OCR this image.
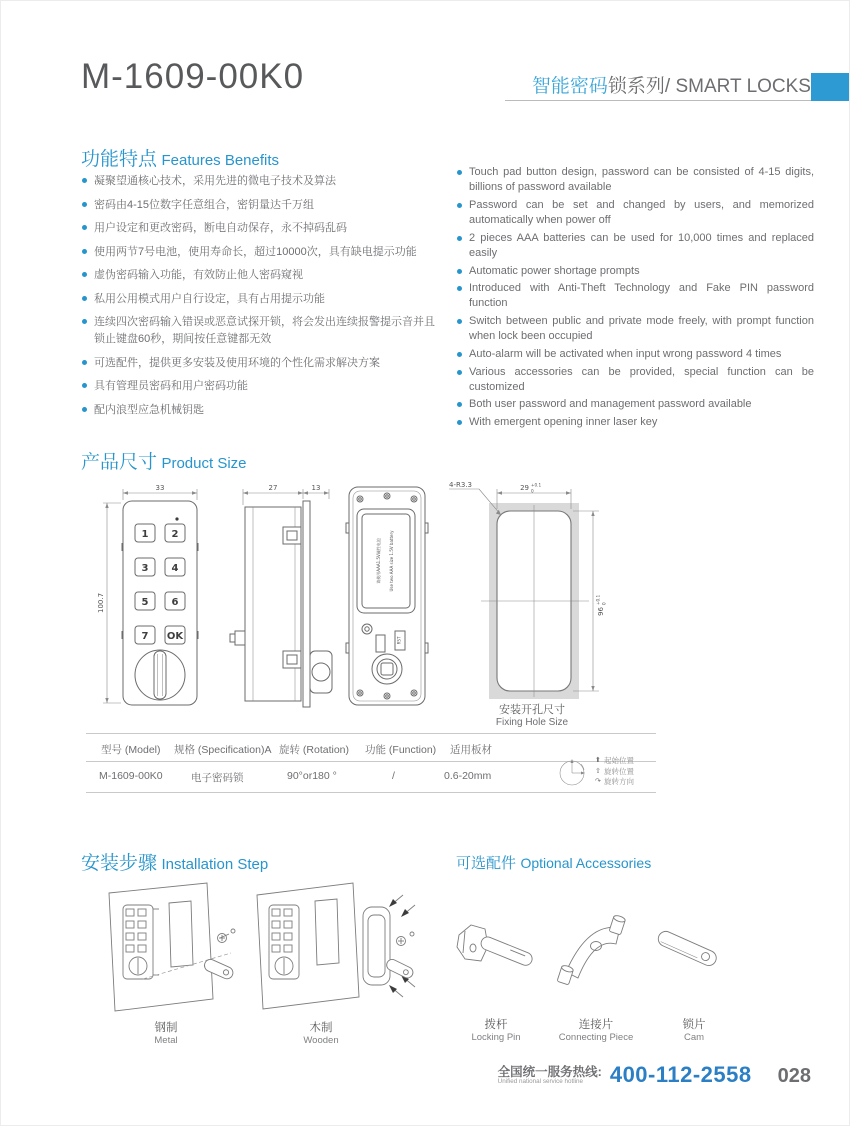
M-1609-00K0	智能密码锁系列/ SMART LOCKS
功能特点 Features Benefits
凝聚望通核心技术，采用先进的微电子技术及算法
密码由4-15位数字任意组合，密钥量达千万组
用户设定和更改密码，断电自动保存，永不掉码乱码
使用两节7号电池，使用寿命长，超过10000次，具有缺电提示功能
虚伪密码输入功能，有效防止他人密码窥视
私用公用模式用户自行设定，具有占用提示功能
连续四次密码输入错误或恶意试探开锁，将会发出连续报警提示音并且锁止键盘60秒，期间按任意键都无效
可选配件，提供更多安装及使用环境的个性化需求解决方案
具有管理员密码和用户密码功能
配内浪型应急机械钥匙
Touch pad button design, password can be consisted of 4-15 digits, billions of password available
Password can be set and changed by users, and memorized automatically when power off
2 pieces AAA batteries can be used for 10,000 times and replaced easily
Automatic power shortage prompts
Introduced with Anti-Theft Technology and Fake PIN password function
Switch between public and private mode freely, with prompt function when lock been occupied
Auto-alarm will be activated when input wrong password 4 times
Various accessories can be provided, special function can be customized
Both user password and management password available
With emergent opening inner laser key
产品尺寸 Product Size
33
100.7
1 2
3 4
5 6
7 OK
27	13
请使用AAA1.5V碱性电池 Use two AAA size 1.5V battery
RST
29 +0.1
0
96
+0.1 0
4-R3.3
安装开孔尺寸
Fixing Hole Size
型号 (Model) 规格 (Specification)A 旋转 (Rotation) 功能 (Function) 适用板材
M-1609-00K0	电子密码锁	90°or180 °	/	0.6-20mm
⬆ 起始位置
⇧ 旋转位置
↷ 旋转方向
安装步骤 Installation Step
钢制
Metal
木制
Wooden
可选配件 Optional Accessories
拨杆
Locking Pin
连接片
Connecting Piece
锁片
Cam
全国统一服务热线:
Unified national service hotline	400-112-2558 028
